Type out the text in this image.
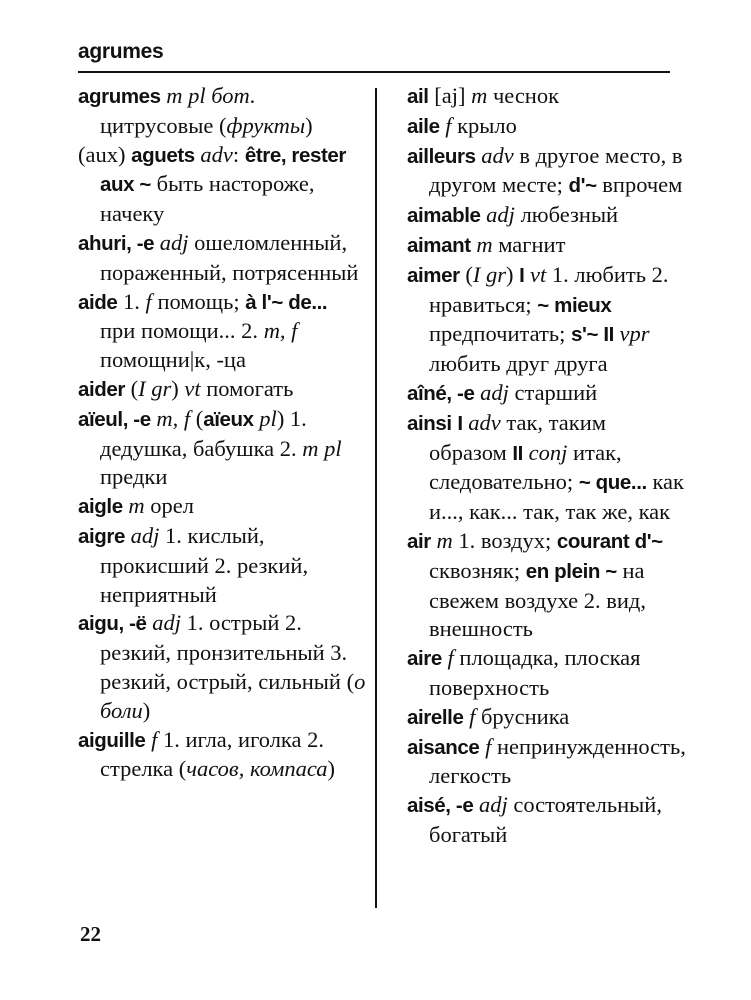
agrumes
agrumes m pl бот. цитрусовые (фрукты)
(aux) aguets adv: être, rester aux ~ быть настороже, начеку
ahuri, -e adj ошеломленный, пораженный, потрясенный
aide 1. f помощь; à l'~ de... при помощи... 2. m, f помощни|к, -ца
aider (I gr) vt помогать
aïeul, -e m, f (aïeux pl) 1. дедушка, бабушка 2. m pl предки
aigle m орел
aigre adj 1. кислый, прокисший 2. резкий, неприятный
aigu, -ë adj 1. острый 2. резкий, пронзительный 3. резкий, острый, сильный (о боли)
aiguille f 1. игла, иголка 2. стрелка (часов, компаса)
ail [aj] m чеснок
aile f крыло
ailleurs adv в другое место, в другом месте; d'~ впрочем
aimable adj любезный
aimant m магнит
aimer (I gr) I vt 1. любить 2. нравиться; ~ mieux предпочитать; s'~ II vpr любить друг друга
aîné, -e adj старший
ainsi I adv так, таким образом II conj итак, следовательно; ~ que... как и..., как... так, так же, как
air m 1. воздух; courant d'~ сквозняк; en plein ~ на свежем воздухе 2. вид, внешность
aire f площадка, плоская поверхность
airelle f брусника
aisance f непринужденность, легкость
aisé, -e adj состоятельный, богатый
22
